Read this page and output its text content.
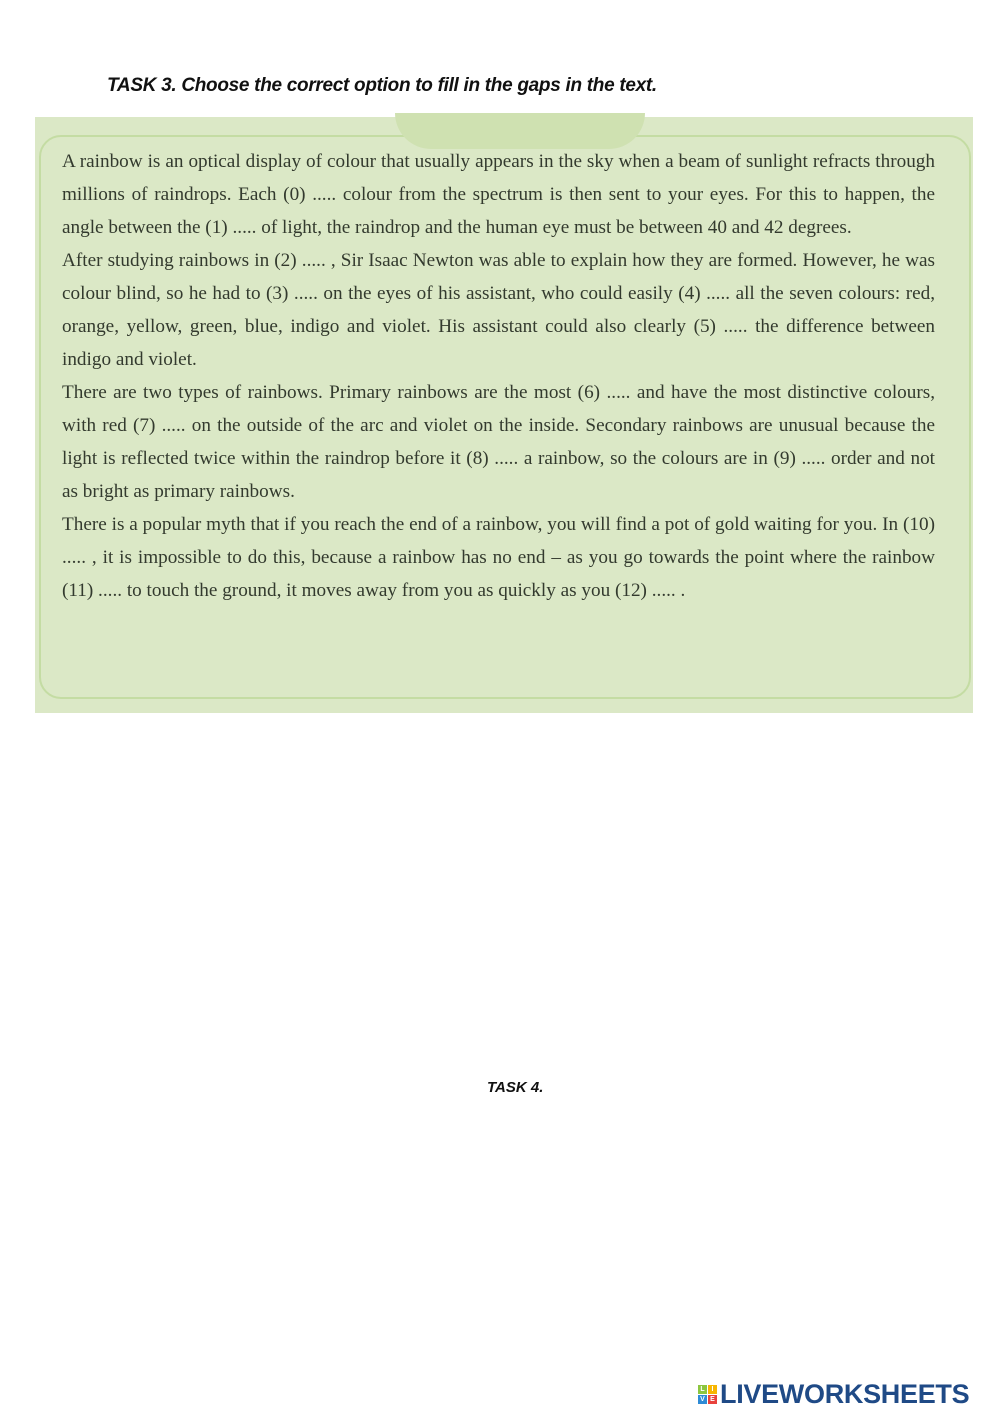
TASK 3. Choose the correct option to fill in the gaps in the text.

A rainbow is an optical display of colour that usually appears in the sky when a beam of sunlight refracts through millions of raindrops. Each (0) ..... colour from the spectrum is then sent to your eyes. For this to happen, the angle between the (1) ..... of light, the raindrop and the human eye must be between 40 and 42 degrees.

After studying rainbows in (2) ..... , Sir Isaac Newton was able to explain how they are formed. However, he was colour blind, so he had to (3) ..... on the eyes of his assistant, who could easily (4) ..... all the seven colours: red, orange, yellow, green, blue, indigo and violet. His assistant could also clearly (5) ..... the difference between indigo and violet.

There are two types of rainbows. Primary rainbows are the most (6) ..... and have the most distinctive colours, with red (7) ..... on the outside of the arc and violet on the inside. Secondary rainbows are unusual because the light is reflected twice within the raindrop before it (8) ..... a rainbow, so the colours are in (9) ..... order and not as bright as primary rainbows.

There is a popular myth that if you reach the end of a rainbow, you will find a pot of gold waiting for you. In (10) ..... , it is impossible to do this, because a rainbow has no end – as you go towards the point where the rainbow (11) ..... to touch the ground, it moves away from you as quickly as you (12) ..... .

TASK 4.
L I
V E LIVEWORKSHEETS
